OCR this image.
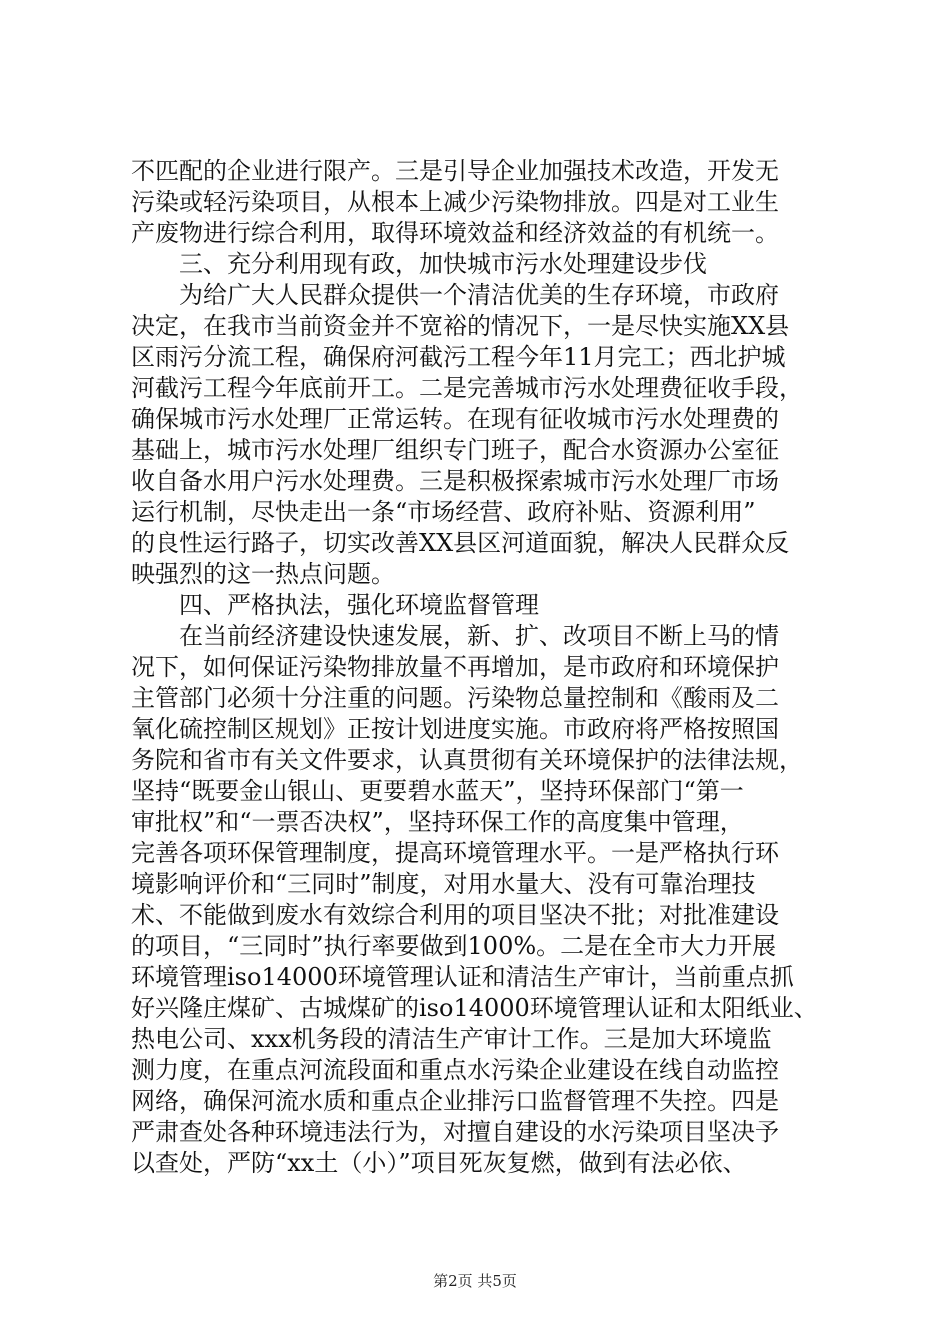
不匹配的企业进行限产。三是引导企业加强技术改造，开发无
污染或轻污染项目，从根本上减少污染物排放。四是对工业生
产废物进行综合利用，取得环境效益和经济效益的有机统一。
三、充分利用现有政，加快城市污水处理建设步伐
为给广大人民群众提供一个清洁优美的生存环境，市政府
决定，在我市当前资金并不宽裕的情况下，一是尽快实施XX县
区雨污分流工程，确保府河截污工程今年11月完工；西北护城
河截污工程今年底前开工。二是完善城市污水处理费征收手段，
确保城市污水处理厂正常运转。在现有征收城市污水处理费的
基础上，城市污水处理厂组织专门班子，配合水资源办公室征
收自备水用户污水处理费。三是积极探索城市污水处理厂市场
运行机制，尽快走出一条“市场经营、政府补贴、资源利用”
的良性运行路子，切实改善XX县区河道面貌，解决人民群众反
映强烈的这一热点问题。
四、严格执法，强化环境监督管理
在当前经济建设快速发展，新、扩、改项目不断上马的情
况下，如何保证污染物排放量不再增加，是市政府和环境保护
主管部门必须十分注重的问题。污染物总量控制和《酸雨及二
氧化硫控制区规划》正按计划进度实施。市政府将严格按照国
务院和省市有关文件要求，认真贯彻有关环境保护的法律法规，
坚持“既要金山银山、更要碧水蓝天”，坚持环保部门“第一
审批权”和“一票否决权”，坚持环保工作的高度集中管理，
完善各项环保管理制度，提高环境管理水平。一是严格执行环
境影响评价和“三同时”制度，对用水量大、没有可靠治理技
术、不能做到废水有效综合利用的项目坚决不批；对批准建设
的项目，“三同时”执行率要做到100%。二是在全市大力开展
环境管理iso14000环境管理认证和清洁生产审计，当前重点抓
好兴隆庄煤矿、古城煤矿的iso14000环境管理认证和太阳纸业、
热电公司、xxx机务段的清洁生产审计工作。三是加大环境监
测力度，在重点河流段面和重点水污染企业建设在线自动监控
网络，确保河流水质和重点企业排污口监督管理不失控。四是
严肃查处各种环境违法行为，对擅自建设的水污染项目坚决予
以查处，严防“xx土（小）”项目死灰复燃，做到有法必依、
第2页 共5页
